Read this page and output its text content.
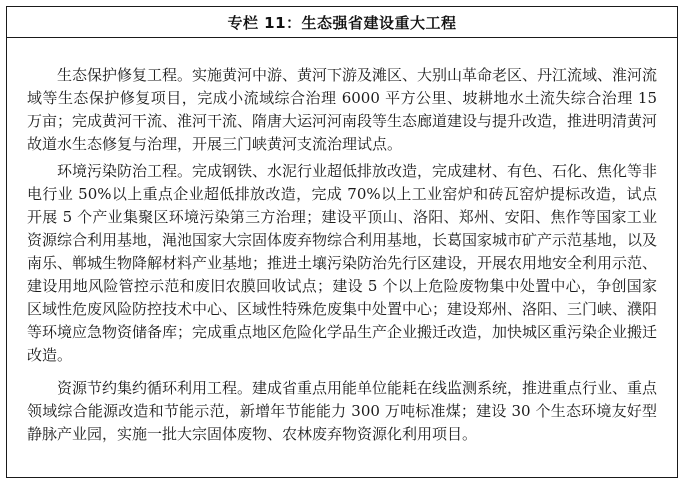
专栏 11：生态强省建设重大工程

生态保护修复工程。实施黄河中游、黄河下游及滩区、大别山革命老区、丹江流域、淮河流域等生态保护修复项目，完成小流域综合治理 6000 平方公里、坡耕地水土流失综合治理 15 万亩；完成黄河干流、淮河干流、隋唐大运河河南段等生态廊道建设与提升改造，推进明清黄河故道水生态修复与治理，开展三门峡黄河支流治理试点。

环境污染防治工程。完成钢铁、水泥行业超低排放改造，完成建材、有色、石化、焦化等非电行业 50%以上重点企业超低排放改造，完成 70%以上工业窑炉和砖瓦窑炉提标改造，试点开展 5 个产业集聚区环境污染第三方治理；建设平顶山、洛阳、郑州、安阳、焦作等国家工业资源综合利用基地，渑池国家大宗固体废弃物综合利用基地，长葛国家城市矿产示范基地，以及南乐、郸城生物降解材料产业基地；推进土壤污染防治先行区建设，开展农用地安全利用示范、建设用地风险管控示范和废旧农膜回收试点；建设 5 个以上危险废物集中处置中心，争创国家区域性危废风险防控技术中心、区域性特殊危废集中处置中心；建设郑州、洛阳、三门峡、濮阳等环境应急物资储备库；完成重点地区危险化学品生产企业搬迁改造，加快城区重污染企业搬迁改造。

资源节约集约循环利用工程。建成省重点用能单位能耗在线监测系统，推进重点行业、重点领域综合能源改造和节能示范，新增年节能能力 300 万吨标准煤；建设 30 个生态环境友好型静脉产业园，实施一批大宗固体废物、农林废弃物资源化利用项目。
